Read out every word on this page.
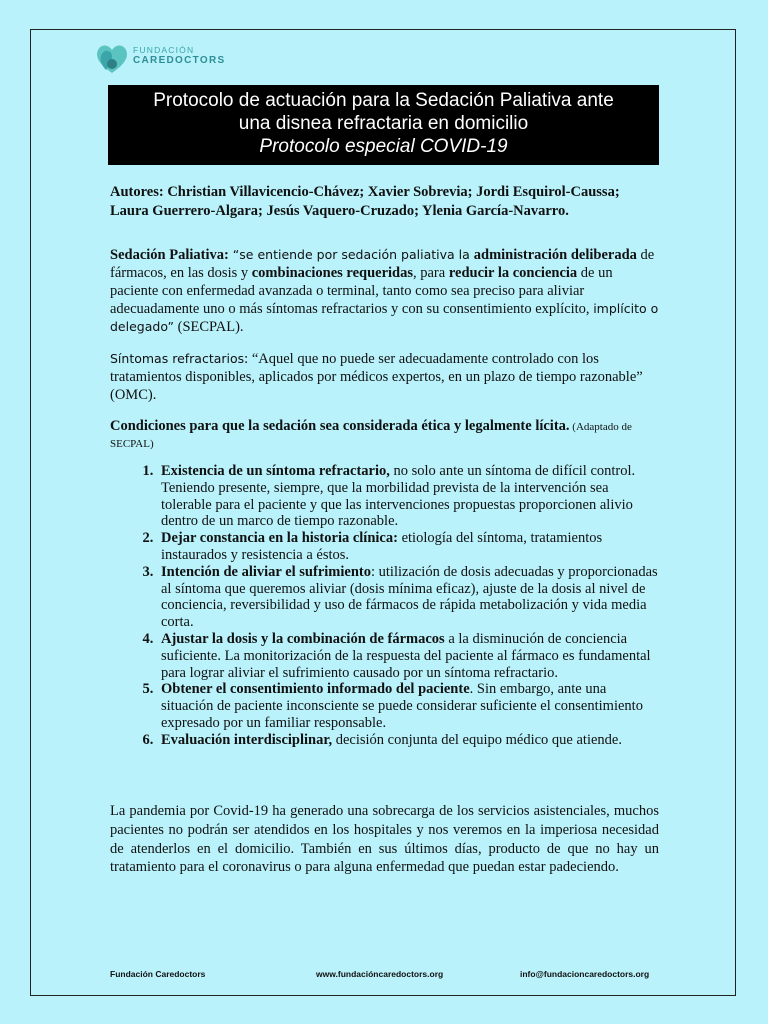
FUNDACIÓN
CAREDOCTORS
Protocolo de actuación para la Sedación Paliativa ante
una disnea refractaria en domicilio
Protocolo especial COVID-19
Autores: Christian Villavicencio-Chávez; Xavier Sobrevia; Jordi Esquirol-Caussa; Laura Guerrero-Algara; Jesús Vaquero-Cruzado; Ylenia García-Navarro.
Sedación Paliativa: “se entiende por sedación paliativa la administración deliberada de fármacos, en las dosis y combinaciones requeridas, para reducir la conciencia de un paciente con enfermedad avanzada o terminal, tanto como sea preciso para aliviar adecuadamente uno o más síntomas refractarios y con su consentimiento explícito, implícito o delegado” (SECPAL).
Síntomas refractarios: “Aquel que no puede ser adecuadamente controlado con los tratamientos disponibles, aplicados por médicos expertos, en un plazo de tiempo razonable” (OMC).
Condiciones para que la sedación sea considerada ética y legalmente lícita. (Adaptado de SECPAL)
1. Existencia de un síntoma refractario, no solo ante un síntoma de difícil control. Teniendo presente, siempre, que la morbilidad prevista de la intervención sea tolerable para el paciente y que las intervenciones propuestas proporcionen alivio dentro de un marco de tiempo razonable.
2. Dejar constancia en la historia clínica: etiología del síntoma, tratamientos instaurados y resistencia a éstos.
3. Intención de aliviar el sufrimiento: utilización de dosis adecuadas y proporcionadas al síntoma que queremos aliviar (dosis mínima eficaz), ajuste de la dosis al nivel de conciencia, reversibilidad y uso de fármacos de rápida metabolización y vida media corta.
4. Ajustar la dosis y la combinación de fármacos a la disminución de conciencia suficiente. La monitorización de la respuesta del paciente al fármaco es fundamental para lograr aliviar el sufrimiento causado por un síntoma refractario.
5. Obtener el consentimiento informado del paciente. Sin embargo, ante una situación de paciente inconsciente se puede considerar suficiente el consentimiento expresado por un familiar responsable.
6. Evaluación interdisciplinar, decisión conjunta del equipo médico que atiende.
La pandemia por Covid-19 ha generado una sobrecarga de los servicios asistenciales, muchos pacientes no podrán ser atendidos en los hospitales y nos veremos en la imperiosa necesidad de atenderlos en el domicilio. También en sus últimos días, producto de que no hay un tratamiento para el coronavirus o para alguna enfermedad que puedan estar padeciendo.
Fundación Caredoctors	www.fundacióncaredoctors.org	info@fundacioncaredoctors.org
